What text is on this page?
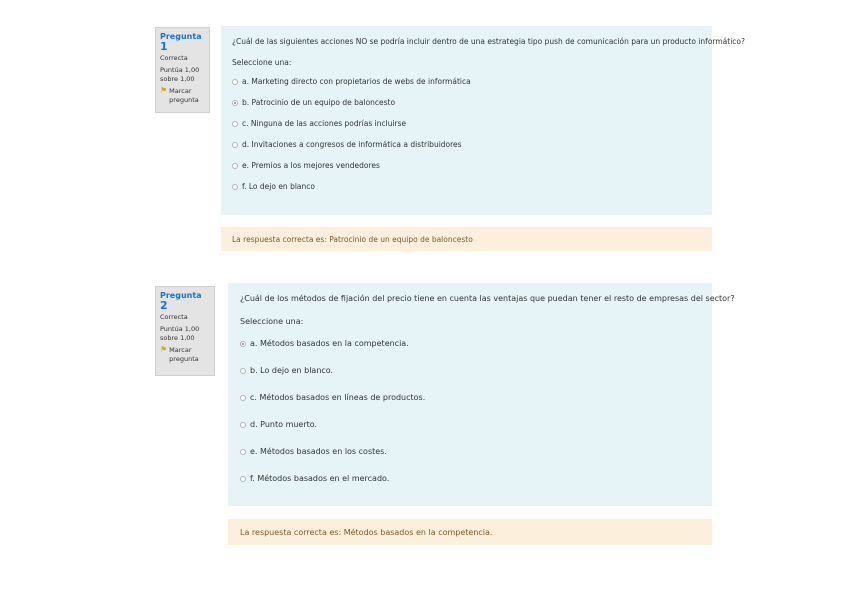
Pregunta 1
Correcta
Puntúa 1,00 sobre 1,00
⚑ Marcar pregunta
¿Cuál de las siguientes acciones NO se podría incluir dentro de una estrategia tipo push de comunicación para un producto informático?
Seleccione una:
a. Marketing directo con propietarios de webs de informática
b. Patrocinio de un equipo de baloncesto
c. Ninguna de las acciones podrías incluirse
d. Invitaciones a congresos de informática a distribuidores
e. Premios a los mejores vendedores
f. Lo dejo en blanco
La respuesta correcta es: Patrocinio de un equipo de baloncesto
Pregunta 2
Correcta
Puntúa 1,00 sobre 1,00
⚑ Marcar pregunta
¿Cuál de los métodos de fijación del precio tiene en cuenta las ventajas que puedan tener el resto de empresas del sector?
Seleccione una:
a. Métodos basados en la competencia.
b. Lo dejo en blanco.
c. Métodos basados en líneas de productos.
d. Punto muerto.
e. Métodos basados en los costes.
f. Métodos basados en el mercado.
La respuesta correcta es: Métodos basados en la competencia.
